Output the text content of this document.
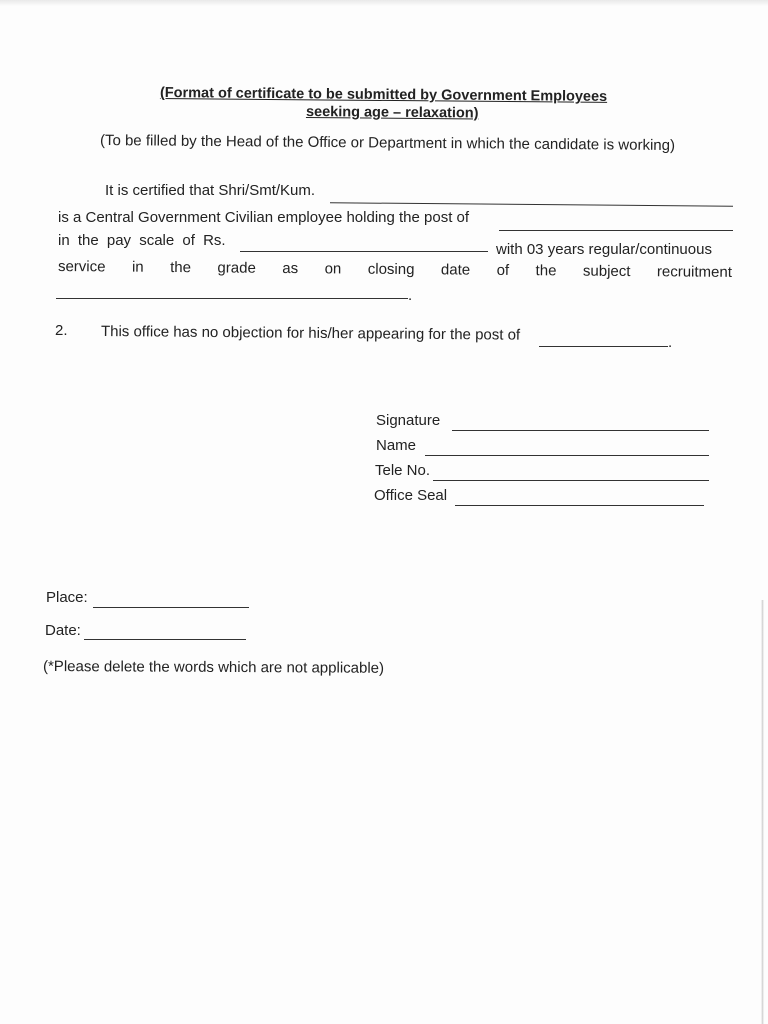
(Format of certificate to be submitted by Government Employees
seeking age – relaxation)
(To be filled by the Head of the Office or Department in which the candidate is working)
It is certified that Shri/Smt/Kum.
is a Central Government Civilian employee holding the post of
in the pay scale of Rs.
with 03 years regular/continuous
service in the grade as on closing date of the subject recruitment
.
2. This office has no objection for his/her appearing for the post of	.
Signature
Name
Tele No.
Office Seal
Place:
Date:
(*Please delete the words which are not applicable)
